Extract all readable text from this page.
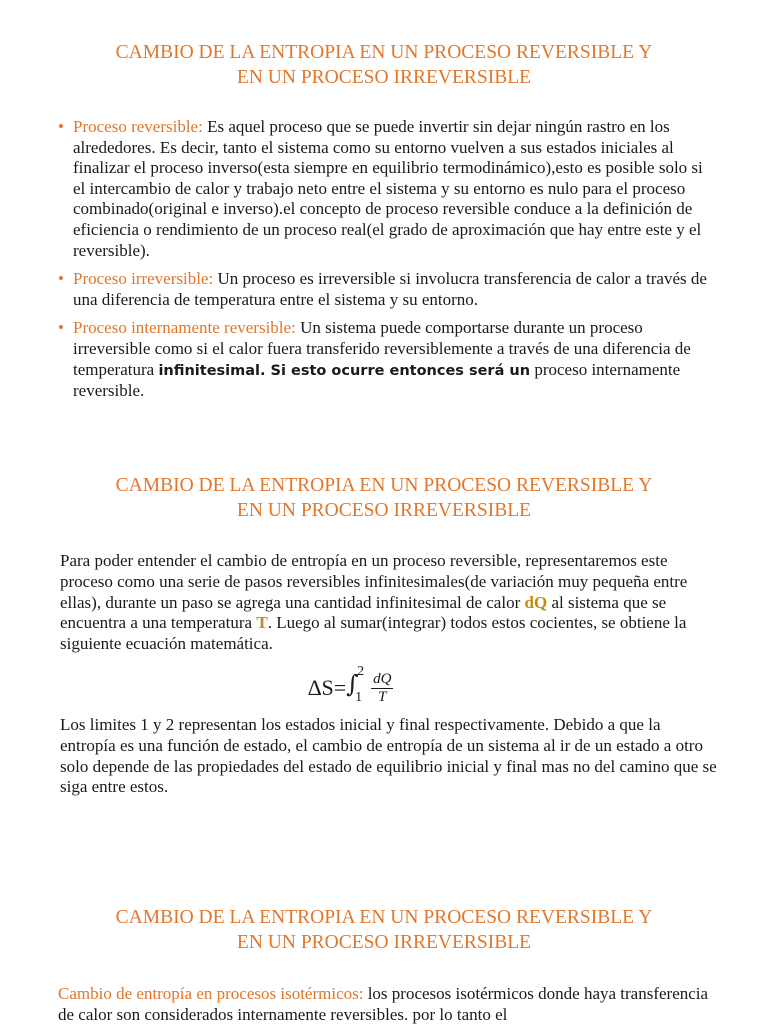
CAMBIO DE LA ENTROPIA EN UN PROCESO REVERSIBLE Y
EN UN PROCESO IRREVERSIBLE
• Proceso reversible: Es aquel proceso que se puede invertir sin dejar ningún rastro en los alrededores. Es decir, tanto el sistema como su entorno vuelven a sus estados iniciales al finalizar el proceso inverso(esta siempre en equilibrio termodinámico),esto es posible solo si el intercambio de calor y trabajo neto entre el sistema y su entorno es nulo para el proceso combinado(original e inverso).el concepto de proceso reversible conduce a la definición de eficiencia o rendimiento de un proceso real(el grado de aproximación que hay entre este y el reversible).
• Proceso irreversible: Un proceso es irreversible si involucra transferencia de calor a través de una diferencia de temperatura entre el sistema y su entorno.
• Proceso internamente reversible: Un sistema puede comportarse durante un proceso irreversible como si el calor fuera transferido reversiblemente a través de una diferencia de temperatura infinitesimal. Si esto ocurre entonces será un proceso internamente reversible.
CAMBIO DE LA ENTROPIA EN UN PROCESO REVERSIBLE Y
EN UN PROCESO IRREVERSIBLE

Para poder entender el cambio de entropía en un proceso reversible, representaremos este proceso como una serie de pasos reversibles infinitesimales(de variación muy pequeña entre ellas), durante un paso se agrega una cantidad infinitesimal de calor dQ al sistema que se encuentra a una temperatura T. Luego al sumar(integrar) todos estos cocientes, se obtiene la siguiente ecuación matemática.

∆S= ∫
2
$1 \frac{dQ}{T}$

Los limites 1 y 2 representan los estados inicial y final respectivamente. Debido a que la entropía es una función de estado, el cambio de entropía de un sistema al ir de un estado a otro solo depende de las propiedades del estado de equilibrio inicial y final mas no del camino que se siga entre estos.

CAMBIO DE LA ENTROPIA EN UN PROCESO REVERSIBLE Y
EN UN PROCESO IRREVERSIBLE

Cambio de entropía en procesos isotérmicos: los procesos isotérmicos donde haya transferencia de calor son considerados internamente reversibles. por lo tanto el
